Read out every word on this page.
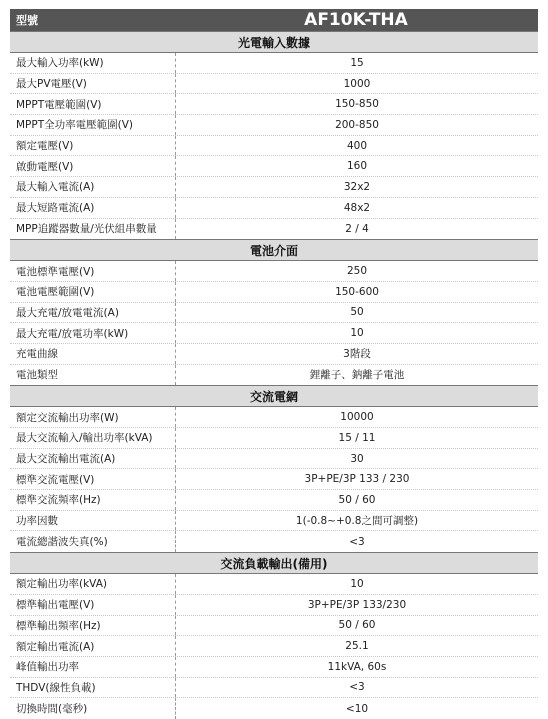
型號	AF10K-THA
光電輸入數據
最大輸入功率(kW)	15
最大PV電壓(V)	1000
MPPT電壓範圍(V)	150-850
MPPT全功率電壓範圍(V)	200-850
額定電壓(V)	400
啟動電壓(V)	160
最大輸入電流(A)	32x2
最大短路電流(A)	48x2
MPP追蹤器數量/光伏組串數量	2 / 4
電池介面
電池標準電壓(V)	250
電池電壓範圍(V)	150-600
最大充電/放電電流(A)	50
最大充電/放電功率(kW)	10
充電曲線	3階段
電池類型	鋰離子、鈉離子電池
交流電網
額定交流輸出功率(W)	10000
最大交流輸入/輸出功率(kVA)	15 / 11
最大交流輸出電流(A)	30
標準交流電壓(V)	3P+PE/3P 133 / 230
標準交流頻率(Hz)	50 / 60
功率因數	1(-0.8~+0.8之間可調整)
電流總諧波失真(%)	<3
交流負載輸出(備用)
額定輸出功率(kVA)	10
標準輸出電壓(V)	3P+PE/3P 133/230
標準輸出頻率(Hz)	50 / 60
額定輸出電流(A)	25.1
峰值輸出功率	11kVA, 60s
THDV(線性負載)	<3
切換時間(毫秒)	<10
